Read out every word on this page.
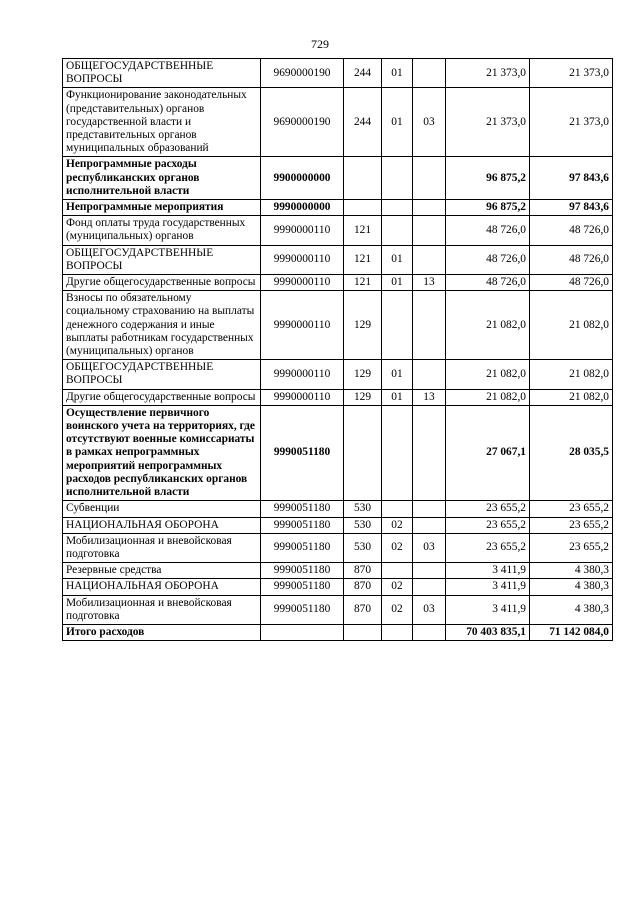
729
ОБЩЕГОСУДАРСТВЕННЫЕ ВОПРОСЫ	9690000190	244	01		21 373,0	21 373,0
Функционирование законодательных (представительных) органов государственной власти и представительных органов муниципальных образований	9690000190	244	01	03	21 373,0	21 373,0
Непрограммные расходы республиканских органов исполнительной власти	9900000000				96 875,2	97 843,6
Непрограммные мероприятия	9990000000				96 875,2	97 843,6
Фонд оплаты труда государственных (муниципальных) органов	9990000110	121			48 726,0	48 726,0
ОБЩЕГОСУДАРСТВЕННЫЕ ВОПРОСЫ	9990000110	121	01		48 726,0	48 726,0
Другие общегосударственные вопросы	9990000110	121	01	13	48 726,0	48 726,0
Взносы по обязательному социальному страхованию на выплаты денежного содержания и иные выплаты работникам государственных (муниципальных) органов	9990000110	129			21 082,0	21 082,0
ОБЩЕГОСУДАРСТВЕННЫЕ ВОПРОСЫ	9990000110	129	01		21 082,0	21 082,0
Другие общегосударственные вопросы	9990000110	129	01	13	21 082,0	21 082,0
Осуществление первичного воинского учета на территориях, где отсутствуют военные комиссариаты в рамках непрограммных мероприятий непрограммных расходов республиканских органов исполнительной власти	9990051180				27 067,1	28 035,5
Субвенции	9990051180	530			23 655,2	23 655,2
НАЦИОНАЛЬНАЯ ОБОРОНА	9990051180	530	02		23 655,2	23 655,2
Мобилизационная и вневойсковая подготовка	9990051180	530	02	03	23 655,2	23 655,2
Резервные средства	9990051180	870			3 411,9	4 380,3
НАЦИОНАЛЬНАЯ ОБОРОНА	9990051180	870	02		3 411,9	4 380,3
Мобилизационная и вневойсковая подготовка	9990051180	870	02	03	3 411,9	4 380,3
Итого расходов					70 403 835,1	71 142 084,0
